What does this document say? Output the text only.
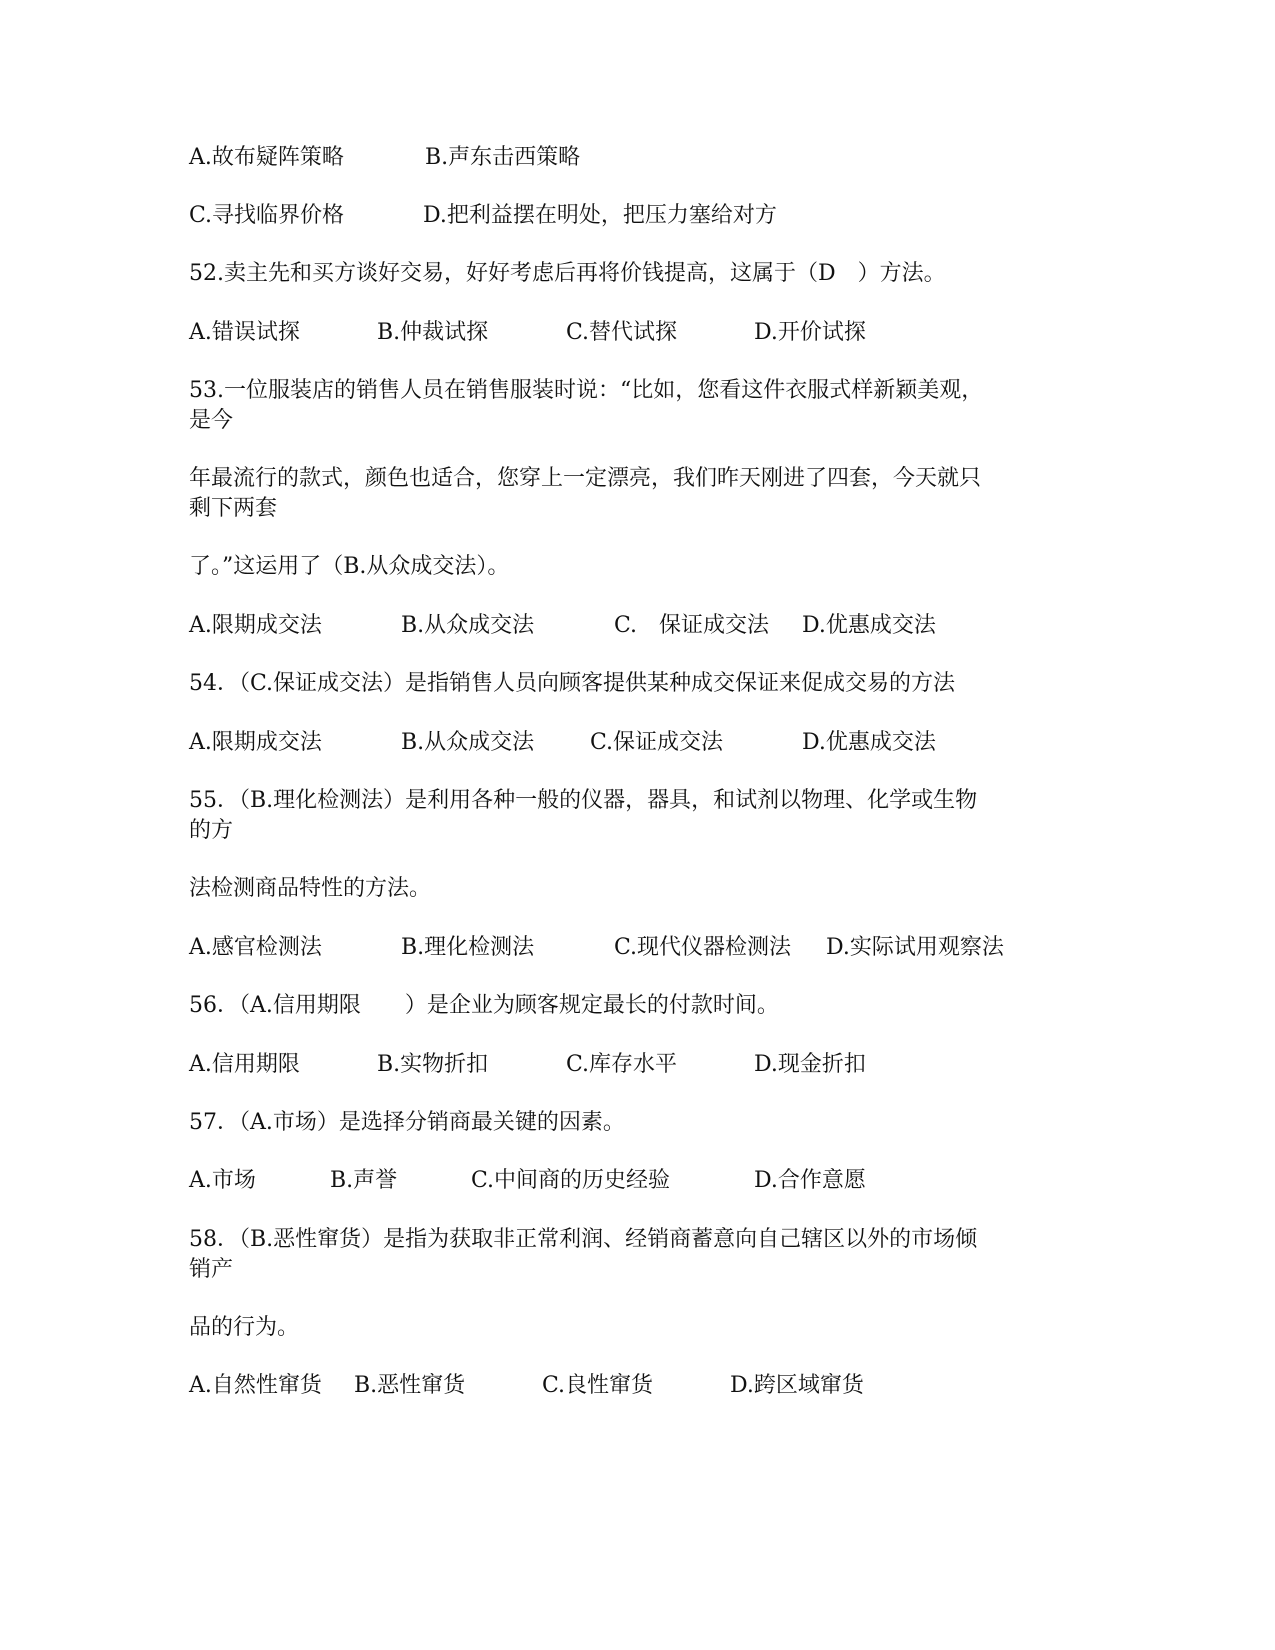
A.故布疑阵策略	B.声东击西策略
C.寻找临界价格	D.把利益摆在明处，把压力塞给对方
52.卖主先和买方谈好交易，好好考虑后再将价钱提高，这属于（D　）方法。
A.错误试探	B.仲裁试探	C.替代试探	D.开价试探
53.一位服装店的销售人员在销售服装时说：“比如，您看这件衣服式样新颖美观，
是今
年最流行的款式，颜色也适合，您穿上一定漂亮，我们昨天刚进了四套，今天就只
剩下两套
了。”这运用了（B.从众成交法）。
A.限期成交法	B.从众成交法	C.　保证成交法 D.优惠成交法
54．（C.保证成交法）是指销售人员向顾客提供某种成交保证来促成交易的方法
A.限期成交法	B.从众成交法	C.保证成交法	D.优惠成交法
55．（B.理化检测法）是利用各种一般的仪器，器具，和试剂以物理、化学或生物
的方
法检测商品特性的方法。
A.感官检测法	B.理化检测法	C.现代仪器检测法 D.实际试用观察法
56．（A.信用期限　　）是企业为顾客规定最长的付款时间。
A.信用期限	B.实物折扣	C.库存水平	D.现金折扣
57．（A.市场）是选择分销商最关键的因素。
A.市场	B.声誉	C.中间商的历史经验	D.合作意愿
58．（B.恶性窜货）是指为获取非正常利润、经销商蓄意向自己辖区以外的市场倾
销产
品的行为。
A.自然性窜货 B.恶性窜货	C.良性窜货	D.跨区域窜货
